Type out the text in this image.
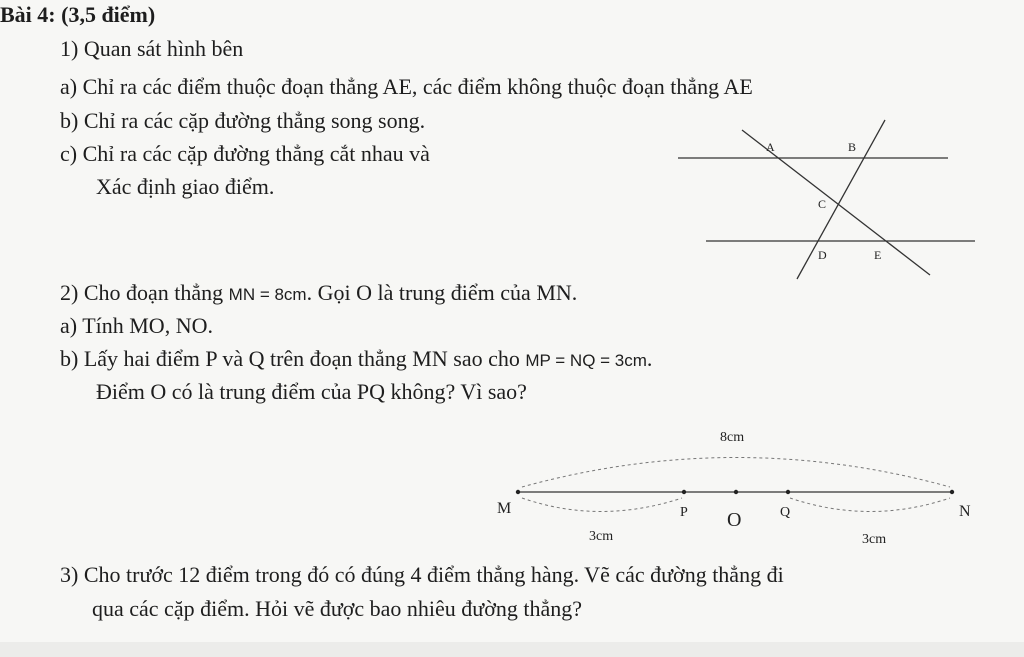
Bài 4: (3,5 điểm)
1) Quan sát hình bên
a) Chỉ ra các điểm thuộc đoạn thẳng AE, các điểm không thuộc đoạn thẳng AE
b) Chỉ ra các cặp đường thẳng song song.
c) Chỉ ra các cặp đường thẳng cắt nhau và
Xác định giao điểm.
A	B
C
D	E
2) Cho đoạn thẳng MN = 8cm. Gọi O là trung điểm của MN.
a) Tính MO, NO.
b) Lấy hai điểm P và Q trên đoạn thẳng MN sao cho MP = NQ = 3cm.
Điểm O có là trung điểm của PQ không? Vì sao?
8cm
M	P O	Q	N
3cm	3cm
3) Cho trước 12 điểm trong đó có đúng 4 điểm thẳng hàng. Vẽ các đường thẳng đi
qua các cặp điểm. Hỏi vẽ được bao nhiêu đường thẳng?
